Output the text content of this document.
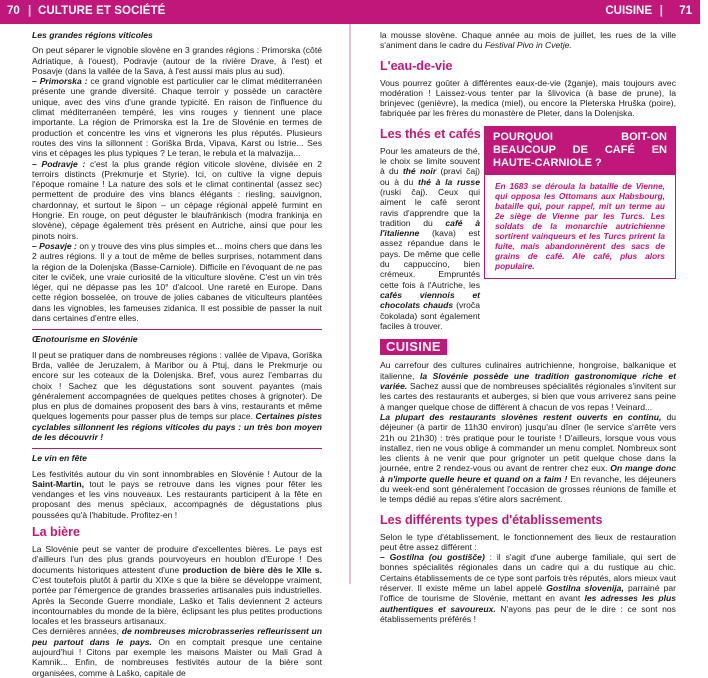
70 | CULTURE ET SOCIÉTÉ	CUISINE | 71
Les grandes régions viticoles
On peut séparer le vignoble slovène en 3 grandes régions : Primorska (côté Adriatique, à l'ouest), Podravje (autour de la rivière Drave, à l'est) et Posavje (dans la vallée de la Sava, à l'est aussi mais plus au sud).
– Primorska : ce grand vignoble est particulier car le climat méditerranéen présente une grande diversité. Chaque terroir y possède un caractère unique, avec des vins d'une grande typicité. En raison de l'influence du climat méditerranéen tempéré, les vins rouges y tiennent une place importante. La région de Primorska est la 1re de Slovénie en termes de production et concentre les vins et vignerons les plus réputés. Plusieurs routes des vins la sillonnent : Goriška Brda, Vipava, Karst ou Istrie... Ses vins et cépages les plus typiques ? Le teran, le rebula et la malvazija...
– Podravje : c'est la plus grande région viticole slovène, divisée en 2 terroirs distincts (Prekmurje et Styrie). Ici, on cultive la vigne depuis l'époque romaine ! La nature des sols et le climat continental (assez sec) permettent de produire des vins blancs élégants : riesling, sauvignon, chardonnay, et surtout le šipon – un cépage régional appelé furmint en Hongrie. En rouge, on peut déguster le blaufränkisch (modra frankinja en slovène), cépage également très présent en Autriche, ainsi que pour les pinots noirs.
– Posavje : on y trouve des vins plus simples et... moins chers que dans les 2 autres régions. Il y a tout de même de belles surprises, notamment dans la région de la Dolenjska (Basse-Carniole). Difficile en l'évoquant de ne pas citer le cviček, une vraie curiosité de la viticulture slovène. C'est un vin très léger, qui ne dépasse pas les 10° d'alcool. Une rareté en Europe. Dans cette région bosselée, on trouve de jolies cabanes de viticulteurs plantées dans les vignobles, les fameuses zidanica. Il est possible de passer la nuit dans certaines d'entre elles.
Œnotourisme en Slovénie
Il peut se pratiquer dans de nombreuses régions : vallée de Vipava, Goriška Brda, vallée de Jeruzalem, à Maribor ou à Ptuj, dans le Prekmurje ou encore sur les coteaux de la Dolenjska. Bref, vous aurez l'embarras du choix ! Sachez que les dégustations sont souvent payantes (mais généralement accompagnées de quelques petites choses à grignoter). De plus en plus de domaines proposent des bars à vins, restaurants et même quelques logements pour passer plus de temps sur place. Certaines pistes cyclables sillonnent les régions viticoles du pays : un très bon moyen de les découvrir !
Le vin en fête
Les festivités autour du vin sont innombrables en Slovénie ! Autour de la Saint-Martin, tout le pays se retrouve dans les vignes pour fêter les vendanges et les vins nouveaux. Les restaurants participent à la fête en proposant des menus spéciaux, accompagnés de dégustations plus poussées qu'à l'habitude. Profitez-en !
La bière
La Slovénie peut se vanter de produire d'excellentes bières. Le pays est d'ailleurs l'un des plus grands pourvoyeurs en houblon d'Europe ! Des documents historiques attestent d'une production de bière dès le XIIe s. C'est toutefois plutôt à partir du XIXe s que la bière se développe vraiment, portée par l'émergence de grandes brasseries artisanales puis industrielles. Après la Seconde Guerre mondiale, Laško et Talis deviennent 2 acteurs incontournables du monde de la bière, éclipsant les plus petites productions locales et les brasseurs artisanaux.
Ces dernières années, de nombreuses microbrasseries refleurissent un peu partout dans le pays. On en comptait presque une centaine aujourd'hui ! Citons par exemple les maisons Maister ou Mali Grad à Kamnik... Enfin, de nombreuses festivités autour de la bière sont organisées, comme à Laško, capitale de
la mousse slovène. Chaque année au mois de juillet, les rues de la ville s'animent dans le cadre du Festival Pivo in Cvetje.
L'eau-de-vie
Vous pourrez goûter à différentes eaux-de-vie (žganje), mais toujours avec modération ! Laissez-vous tenter par la šlivovica (à base de prune), la brinjevec (genièvre), la medica (miel), ou encore la Pleterska Hruška (poire), fabriquée par les frères du monastère de Pleter, dans la Dolenjska.
Les thés et cafés
Pour les amateurs de thé, le choix se limite souvent à du thé noir (pravi čaj) ou à du thé à la russe (ruski čaj). Ceux qui aiment le café seront ravis d'apprendre que la tradition du café à l'italienne (kava) est assez répandue dans le pays. De même que celle du cappuccino, bien crémeux. Empruntés cette fois à l'Autriche, les cafés viennois et chocolats chauds (vroča čokolada) sont également faciles à trouver.
POURQUOI BOIT-ON BEAUCOUP DE CAFÉ EN HAUTE-CARNIOLE ?
En 1683 se déroula la bataille de Vienne, qui opposa les Ottomans aux Habsbourg, bataille qui, pour rappel, mit un terme au 2e siège de Vienne par les Turcs. Les soldats de la monarchie autrichienne sortirent vainqueurs et les Turcs prirent la fuite, mais abandonnèrent des sacs de grains de café. Ale café, plus alors populaire.
CUISINE
Au carrefour des cultures culinaires autrichienne, hongroise, balkanique et italienne, la Slovénie possède une tradition gastronomique riche et variée. Sachez aussi que de nombreuses spécialités régionales s'invitent sur les cartes des restaurants et auberges, si bien que vous arriverez sans peine à manger quelque chose de différent à chacun de vos repas ! Veinard...
La plupart des restaurants slovènes restent ouverts en continu, du déjeuner (à partir de 11h30 environ) jusqu'au dîner (le service s'arrête vers 21h ou 21h30) : très pratique pour le touriste ! D'ailleurs, lorsque vous vous installez, rien ne vous oblige à commander un menu complet. Nombreux sont les clients à ne venir que pour grignoter un petit quelque chose dans la journée, entre 2 rendez-vous ou avant de rentrer chez eux. On mange donc à n'importe quelle heure et quand on a faim ! En revanche, les déjeuners du week-end sont généralement l'occasion de grosses réunions de famille et le temps dédié au repas s'étire alors sacrément.
Les différents types d'établissements
Selon le type d'établissement, le fonctionnement des lieux de restauration peut être assez différent :
– Gostilna (ou gostišče) : il s'agit d'une auberge familiale, qui sert de bonnes spécialités régionales dans un cadre qui a du rustique au chic. Certains établissements de ce type sont parfois très réputés, alors mieux vaut réserver. Il existe même un label appelé Gostilna slovenija, parrainé par l'office de tourisme de Slovénie, mettant en avant les adresses les plus authentiques et savoureux. N'ayons pas peur de le dire : ce sont nos établissements préférés !
